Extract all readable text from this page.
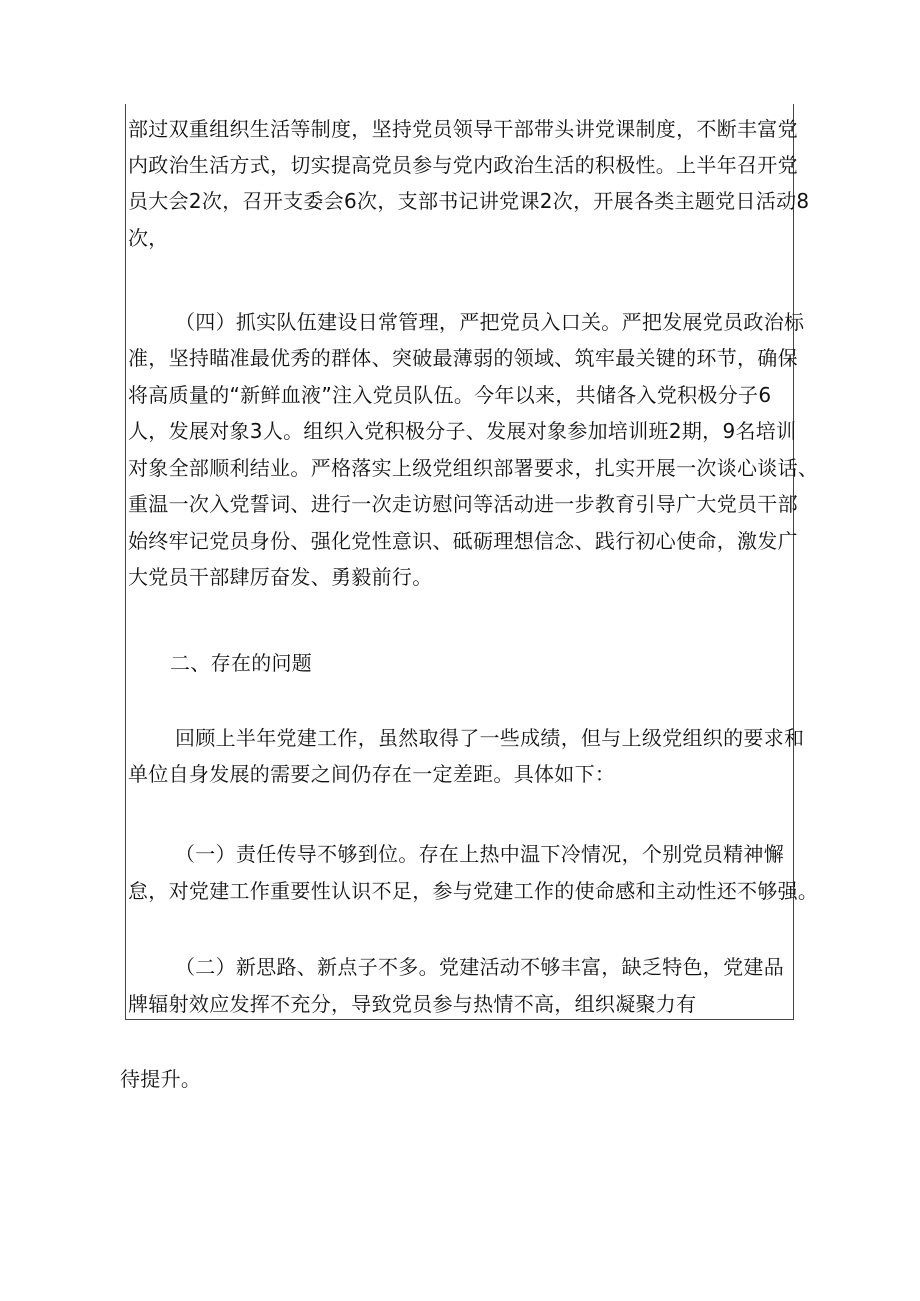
部过双重组织生活等制度，坚持党员领导干部带头讲党课制度，不断丰富党
内政治生活方式，切实提高党员参与党内政治生活的积极性。上半年召开党
员大会2次，召开支委会6次，支部书记讲党课2次，开展各类主题党日活动8
次，
（四）抓实队伍建设日常管理，严把党员入口关。严把发展党员政治标
准，坚持瞄准最优秀的群体、突破最薄弱的领域、筑牢最关键的环节，确保
将高质量的“新鲜血液”注入党员队伍。今年以来，共储各入党积极分子6
人，发展对象3人。组织入党积极分子、发展对象参加培训班2期，9名培训
对象全部顺利结业。严格落实上级党组织部署要求，扎实开展一次谈心谈话、
重温一次入党誓词、进行一次走访慰问等活动进一步教育引导广大党员干部
始终牢记党员身份、强化党性意识、砥砺理想信念、践行初心使命，激发广
大党员干部肆厉奋发、勇毅前行。
二、存在的问题
回顾上半年党建工作，虽然取得了一些成绩，但与上级党组织的要求和
单位自身发展的需要之间仍存在一定差距。具体如下：
（一）责任传导不够到位。存在上热中温下冷情况，个别党员精神懈
怠，对党建工作重要性认识不足，参与党建工作的使命感和主动性还不够强。
（二）新思路、新点子不多。党建活动不够丰富，缺乏特色，党建品
牌辐射效应发挥不充分，导致党员参与热情不高，组织凝聚力有
待提升。
